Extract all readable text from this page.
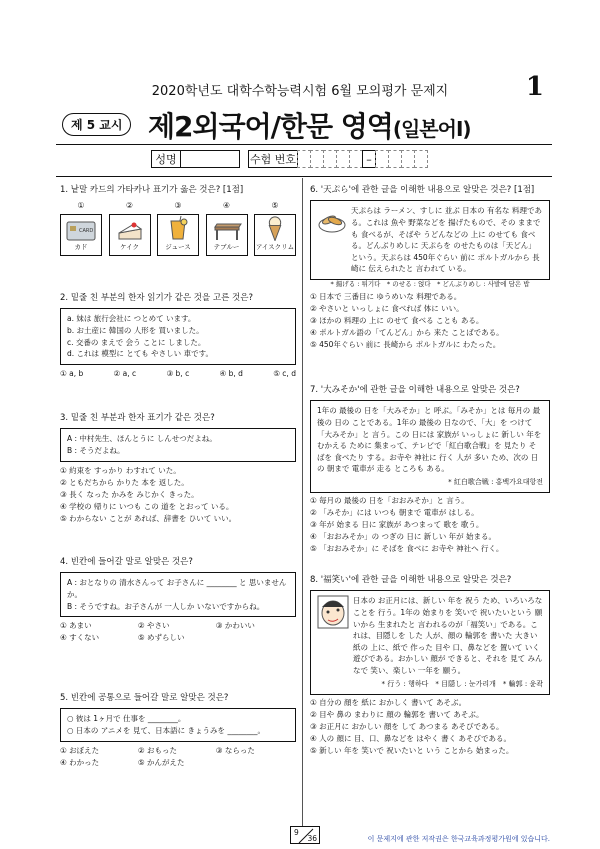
2020학년도 대학수학능력시험 6월 모의평가 문제지	1
제 5 교시 제2외국어/한문 영역(일본어Ⅰ)
성명	수험 번호	–
1. 낱말 카드의 가타카나 표기가 옳은 것은? [1점]
①
CARD
カド
②
ケイク
③
ジュース
④
テブルー
⑤
アイスクリム
2. 밑줄 친 부분의 한자 읽기가 같은 것을 고른 것은?
a. 妹は 旅行会社に つとめて います。
b. お土産に 韓国の 人形を 買いました。
c. 交番の まえで 会う ことに しました。
d. これは 模型に とても やさしい 車です。
① a, b	② a, c	③ b, c	④ b, d	⑤ c, d
3. 밑줄 친 부분과 한자 표기가 같은 것은?
A : 中村先生、ほんとうに しんせつだよね。
B : そうだよね。
① 約束を すっかり わすれて いた。
② ともだちから かりた 本を 返した。
③ 長く なった かみを みじかく きった。
④ 学校の 帰りに いつも この 道を とおって いる。
⑤ わからない ことが あれば、辞書を ひいて いい。
4. 빈칸에 들어갈 말로 알맞은 것은?
A : おとなりの 清水さんって お子さんに ________ と 思いませんか。
B : そうですね。お子さんが 一人しか いないですからね。
① あまい	② やさい	③ かわいい
④ すくない	⑤ めずらしい
5. 빈칸에 공통으로 들어갈 말로 알맞은 것은?
○ 彼は 1ヶ月で 仕事を ________。
○ 日本の アニメを 見て、日本語に きょうみを ________。
① おぼえた	② おもった	③ ならった
④ わかった	⑤ かんがえた
6. '天ぷら'에 관한 글을 이해한 내용으로 알맞은 것은? [1점]
天ぷらは ラーメン、すしに 並ぶ 日本の 有名な 料理である。これは 魚や 野菜などを 揚げたもので、その ままでも 食べるが、そばや うどんなどの 上に のせても 食べる。どんぶりめしに 天ぷらを のせたものは「天どん」という。天ぷらは 450年ぐらい 前に ポルトガルから 長崎に 伝えられたと 言われて いる。
* 揚げる : 튀기다　* のせる : 얹다　* どんぶりめし : 사발에 담은 밥
① 日本で 三番目に ゆうめいな 料理である。
② やさいと いっしょに 食べれば 体に いい。
③ ほかの 料理の 上に のせて 食べる ことも ある。
④ ポルトガル語の「てんどん」から 来た ことばである。
⑤ 450年ぐらい 前に 長崎から ポルトガルに わたった。
7. '大みそか'에 관한 글을 이해한 내용으로 알맞은 것은?
1年の 最後の 日を「大みそか」と 呼ぶ。「みそか」とは 毎月の 最後の 日の ことである。1年の 最後の 日なので、「大」を つけて「大みそか」と 言う。この 日には 家族が いっしょに 新しい 年を むかえる ために 集まって、テレビで「紅白歌合戦」を 見たり そばを 食べたり する。お寺や 神社に 行く 人が 多い ため、次の 日の 朝まで 電車が 走る ところも ある。
* 紅白歌合戦 : 홍백가요대항전
① 毎月の 最後の 日を「おおみそか」と 言う。
② 「みそか」には いつも 朝まで 電車が はしる。
③ 年が 始まる 日に 家族が あつまって 歌を 歌う。
④ 「おおみそか」の つぎの 日に 新しい 年が 始まる。
⑤ 「おおみそか」に そばを 食べに お寺や 神社へ 行く。
8. '福笑い'에 관한 글을 이해한 내용으로 알맞은 것은?
日本の お正月には、新しい 年を 祝う ため、いろいろな ことを 行う。1年の 始まりを 笑いで 祝いたいという 願いから 生まれたと 言われるのが「福笑い」である。これは、目隠しを した 人が、顔の 輪郭を 書いた 大きい 紙の 上に、紙で 作った 目や 口、鼻などを 置いて いく 遊びである。おかしい 顔が できると、それを 見て みんなで 笑い、楽しい 一年を 願う。
* 行う : 행하다　* 目隠し : 눈가리개　* 輪郭 : 윤곽
① 自分の 顔を 紙に おかしく 書いて あそぶ。
② 目や 鼻の まわりに 顔の 輪郭を 書いて あそぶ。
③ お正月に おかしい 顔を して あつまる あそびである。
④ 人の 顔に 目、口、鼻などを はやく 書く あそびである。
⑤ 新しい 年を 笑いで 祝いたいと いう ことから 始まった。
9
36	이 문제지에 관한 저작권은 한국교육과정평가원에 있습니다.
